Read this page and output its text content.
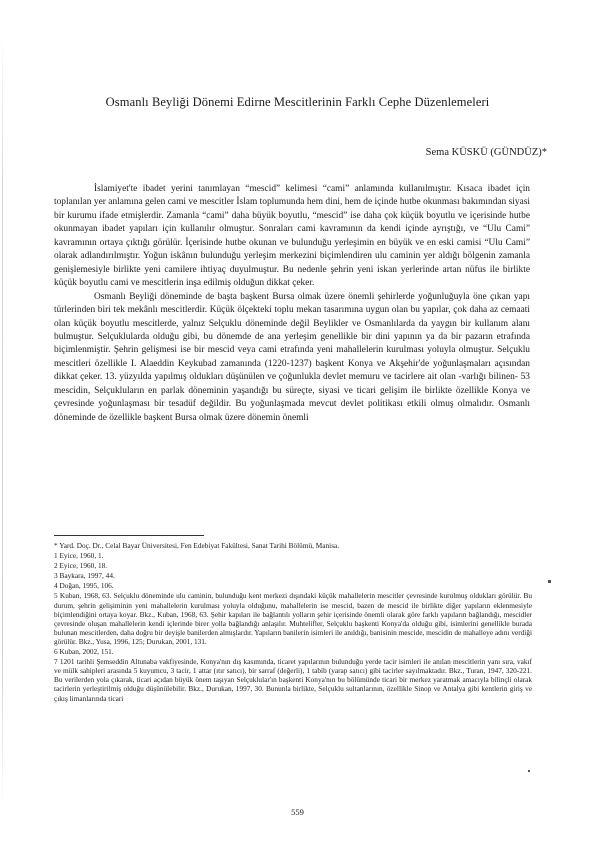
Osmanlı Beyliği Dönemi Edirne Mescitlerinin Farklı Cephe Düzenlemeleri
Sema KÜSKÜ (GÜNDÜZ)*

İslamiyet'te ibadet yerini tanımlayan “mescid” kelimesi “cami” anlamında kullanılmıştır. Kısaca ibadet için toplanılan yer anlamına gelen cami ve mescitler İslam toplumunda hem dini, hem de içinde hutbe okunması bakımından siyasi bir kurumu ifade etmişlerdir. Zamanla “cami” daha büyük boyutlu, “mescid” ise daha çok küçük boyutlu ve içerisinde hutbe okunmayan ibadet yapıları için kullanılır olmuştur. Sonraları cami kavramının da kendi içinde ayrıştığı, ve “Ulu Cami” kavramının ortaya çıktığı görülür. İçerisinde hutbe okunan ve bulunduğu yerleşimin en büyük ve en eski camisi “Ulu Cami” olarak adlandırılmıştır. Yoğun iskânın bulunduğu yerleşim merkezini biçimlendiren ulu caminin yer aldığı bölgenin zamanla genişlemesiyle birlikte yeni camilere ihtiyaç duyulmuştur. Bu nedenle şehrin yeni iskan yerlerinde artan nüfus ile birlikte küçük boyutlu cami ve mescitlerin inşa edilmiş olduğun dikkat çeker.

Osmanlı Beyliği döneminde de başta başkent Bursa olmak üzere önemli şehirlerde yoğunluğuyla öne çıkan yapı türlerinden biri tek mekânlı mescitlerdir. Küçük ölçekteki toplu mekan tasarımına uygun olan bu yapılar, çok daha az cemaati olan küçük boyutlu mescitlerde, yalnız Selçuklu döneminde değil Beylikler ve Osmanlılarda da yaygın bir kullanım alanı bulmuştur. Selçuklularda olduğu gibi, bu dönemde de ana yerleşim genellikle bir dini yapının ya da bir pazarın etrafında biçimlenmiştir. Şehrin gelişmesi ise bir mescid veya cami etrafında yeni mahallelerin kurulması yoluyla olmuştur. Selçuklu mescitleri özellikle I. Alaeddin Keykubad zamanında (1220-1237) başkent Konya ve Akşehir'de yoğunlaşmaları açısından dikkat çeker. 13. yüzyılda yapılmış oldukları düşünülen ve çoğunlukla devlet memuru ve tacirlere ait olan -varlığı bilinen- 53 mescidin, Selçukluların en parlak döneminin yaşandığı bu süreçte, siyasi ve ticari gelişim ile birlikte özellikle Konya ve çevresinde yoğunlaşması bir tesadüf değildir. Bu yoğunlaşmada mevcut devlet politikası etkili olmuş olmalıdır. Osmanlı döneminde de özellikle başkent Bursa olmak üzere dönemin önemli

* Yard. Doç. Dr., Celal Bayar Üniversitesi, Fen Edebiyat Fakültesi, Sanat Tarihi Bölümü, Manisa.
1 Eyice, 1960, 1.
2 Eyice, 1960, 18.
3 Baykara, 1997, 44.
4 Doğan, 1995, 106.
5 Kuban, 1968, 63. Selçuklu döneminde ulu caminin, bulunduğu kent merkezi dışındaki küçük mahallelerin mescitler çevresinde kurulmuş oldukları görülür. Bu durum, şehrin gelişiminin yeni mahallelerin kurulması yoluyla olduğunu, mahallelerin ise mescid, bazen de mescid ile birlikte diğer yapıların eklenmesiyle biçimlendiğini ortaya koyar. Bkz., Kuban, 1968, 63. Şehir kapıları ile bağlantılı yolların şehir içerisinde önemli olarak göre farklı yapıların bağlandığı, mescidler çevresinde oluşan mahallelerin kendi içlerinde birer yolla bağlandığı anlaşılır. Muhtelifler, Selçuklu başkenti Konya'da olduğu gibi, isimlerini genellikle burada bulunan mescitlerden, daha doğru bir deyişle banilerden almışlardır. Yapıların banilerin isimleri ile anıldığı, banisinin mescide, mescidin de mahalleye adını verdiği görülür. Bkz., Yusa, 1996, 125; Durukan, 2001, 131.
6 Kuban, 2002, 151.
7 1201 tarihli Şemseddin Altunaba vakfiyesinde, Konya'nın dış kasımında, ticaret yapılarının bulunduğu yerde tacir isimleri ile anılan mescitlerin yanı sıra, vakıf ve mülk sahipleri arasında 5 kuyumcu, 3 tacir, 1 attar (ıtır satıcı), bir sarraf (değerli), 1 tabib (yarap satıcı) gibi tacirler sayılmaktadır. Bkz., Turan, 1947, 320-221. Bu verilerden yola çıkarak, ticari açıdan büyük önem taşıyan Selçuklular'ın başkenti Konya'nın bu bölümünde ticari bir merkez yaratmak amacıyla bilinçli olarak tacirlerin yerleştirilmiş olduğu düşünülebilir. Bkz., Durukan, 1997, 30. Bununla birlikte, Selçuklu sultanlarının, özellikle Sinop ve Antalya gibi kentlerin giriş ve çıkış limanlarında ticari
559
